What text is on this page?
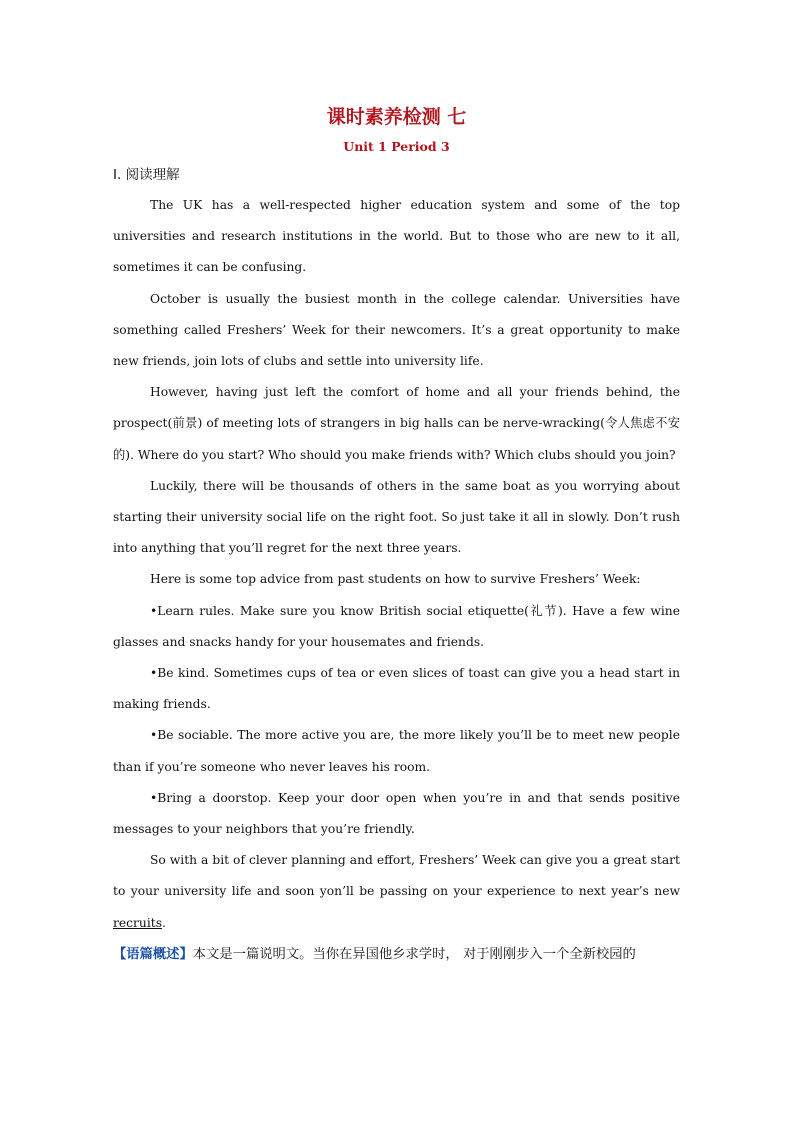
课时素养检测 七

Unit 1 Period 3

Ⅰ. 阅读理解

The UK has a well-respected higher education system and some of the top universities and research institutions in the world. But to those who are new to it all, sometimes it can be confusing.

October is usually the busiest month in the college calendar. Universities have something called Freshers’ Week for their newcomers. It’s a great opportunity to make new friends, join lots of clubs and settle into university life.

However, having just left the comfort of home and all your friends behind, the prospect(前景) of meeting lots of strangers in big halls can be nerve-wracking(令人焦虑不安的). Where do you start? Who should you make friends with? Which clubs should you join?

Luckily, there will be thousands of others in the same boat as you worrying about starting their university social life on the right foot. So just take it all in slowly. Don’t rush into anything that you’ll regret for the next three years.

Here is some top advice from past students on how to survive Freshers’ Week:

•Learn rules. Make sure you know British social etiquette(礼节). Have a few wine glasses and snacks handy for your housemates and friends.

•Be kind. Sometimes cups of tea or even slices of toast can give you a head start in making friends.

•Be sociable. The more active you are, the more likely you’ll be to meet new people than if you’re someone who never leaves his room.

•Bring a doorstop. Keep your door open when you’re in and that sends positive messages to your neighbors that you’re friendly.

So with a bit of clever planning and effort, Freshers’ Week can give you a great start to your university life and soon yon’ll be passing on your experience to next year’s new recruits.

【语篇概述】本文是一篇说明文。当你在异国他乡求学时， 对于刚刚步入一个全新校园的
